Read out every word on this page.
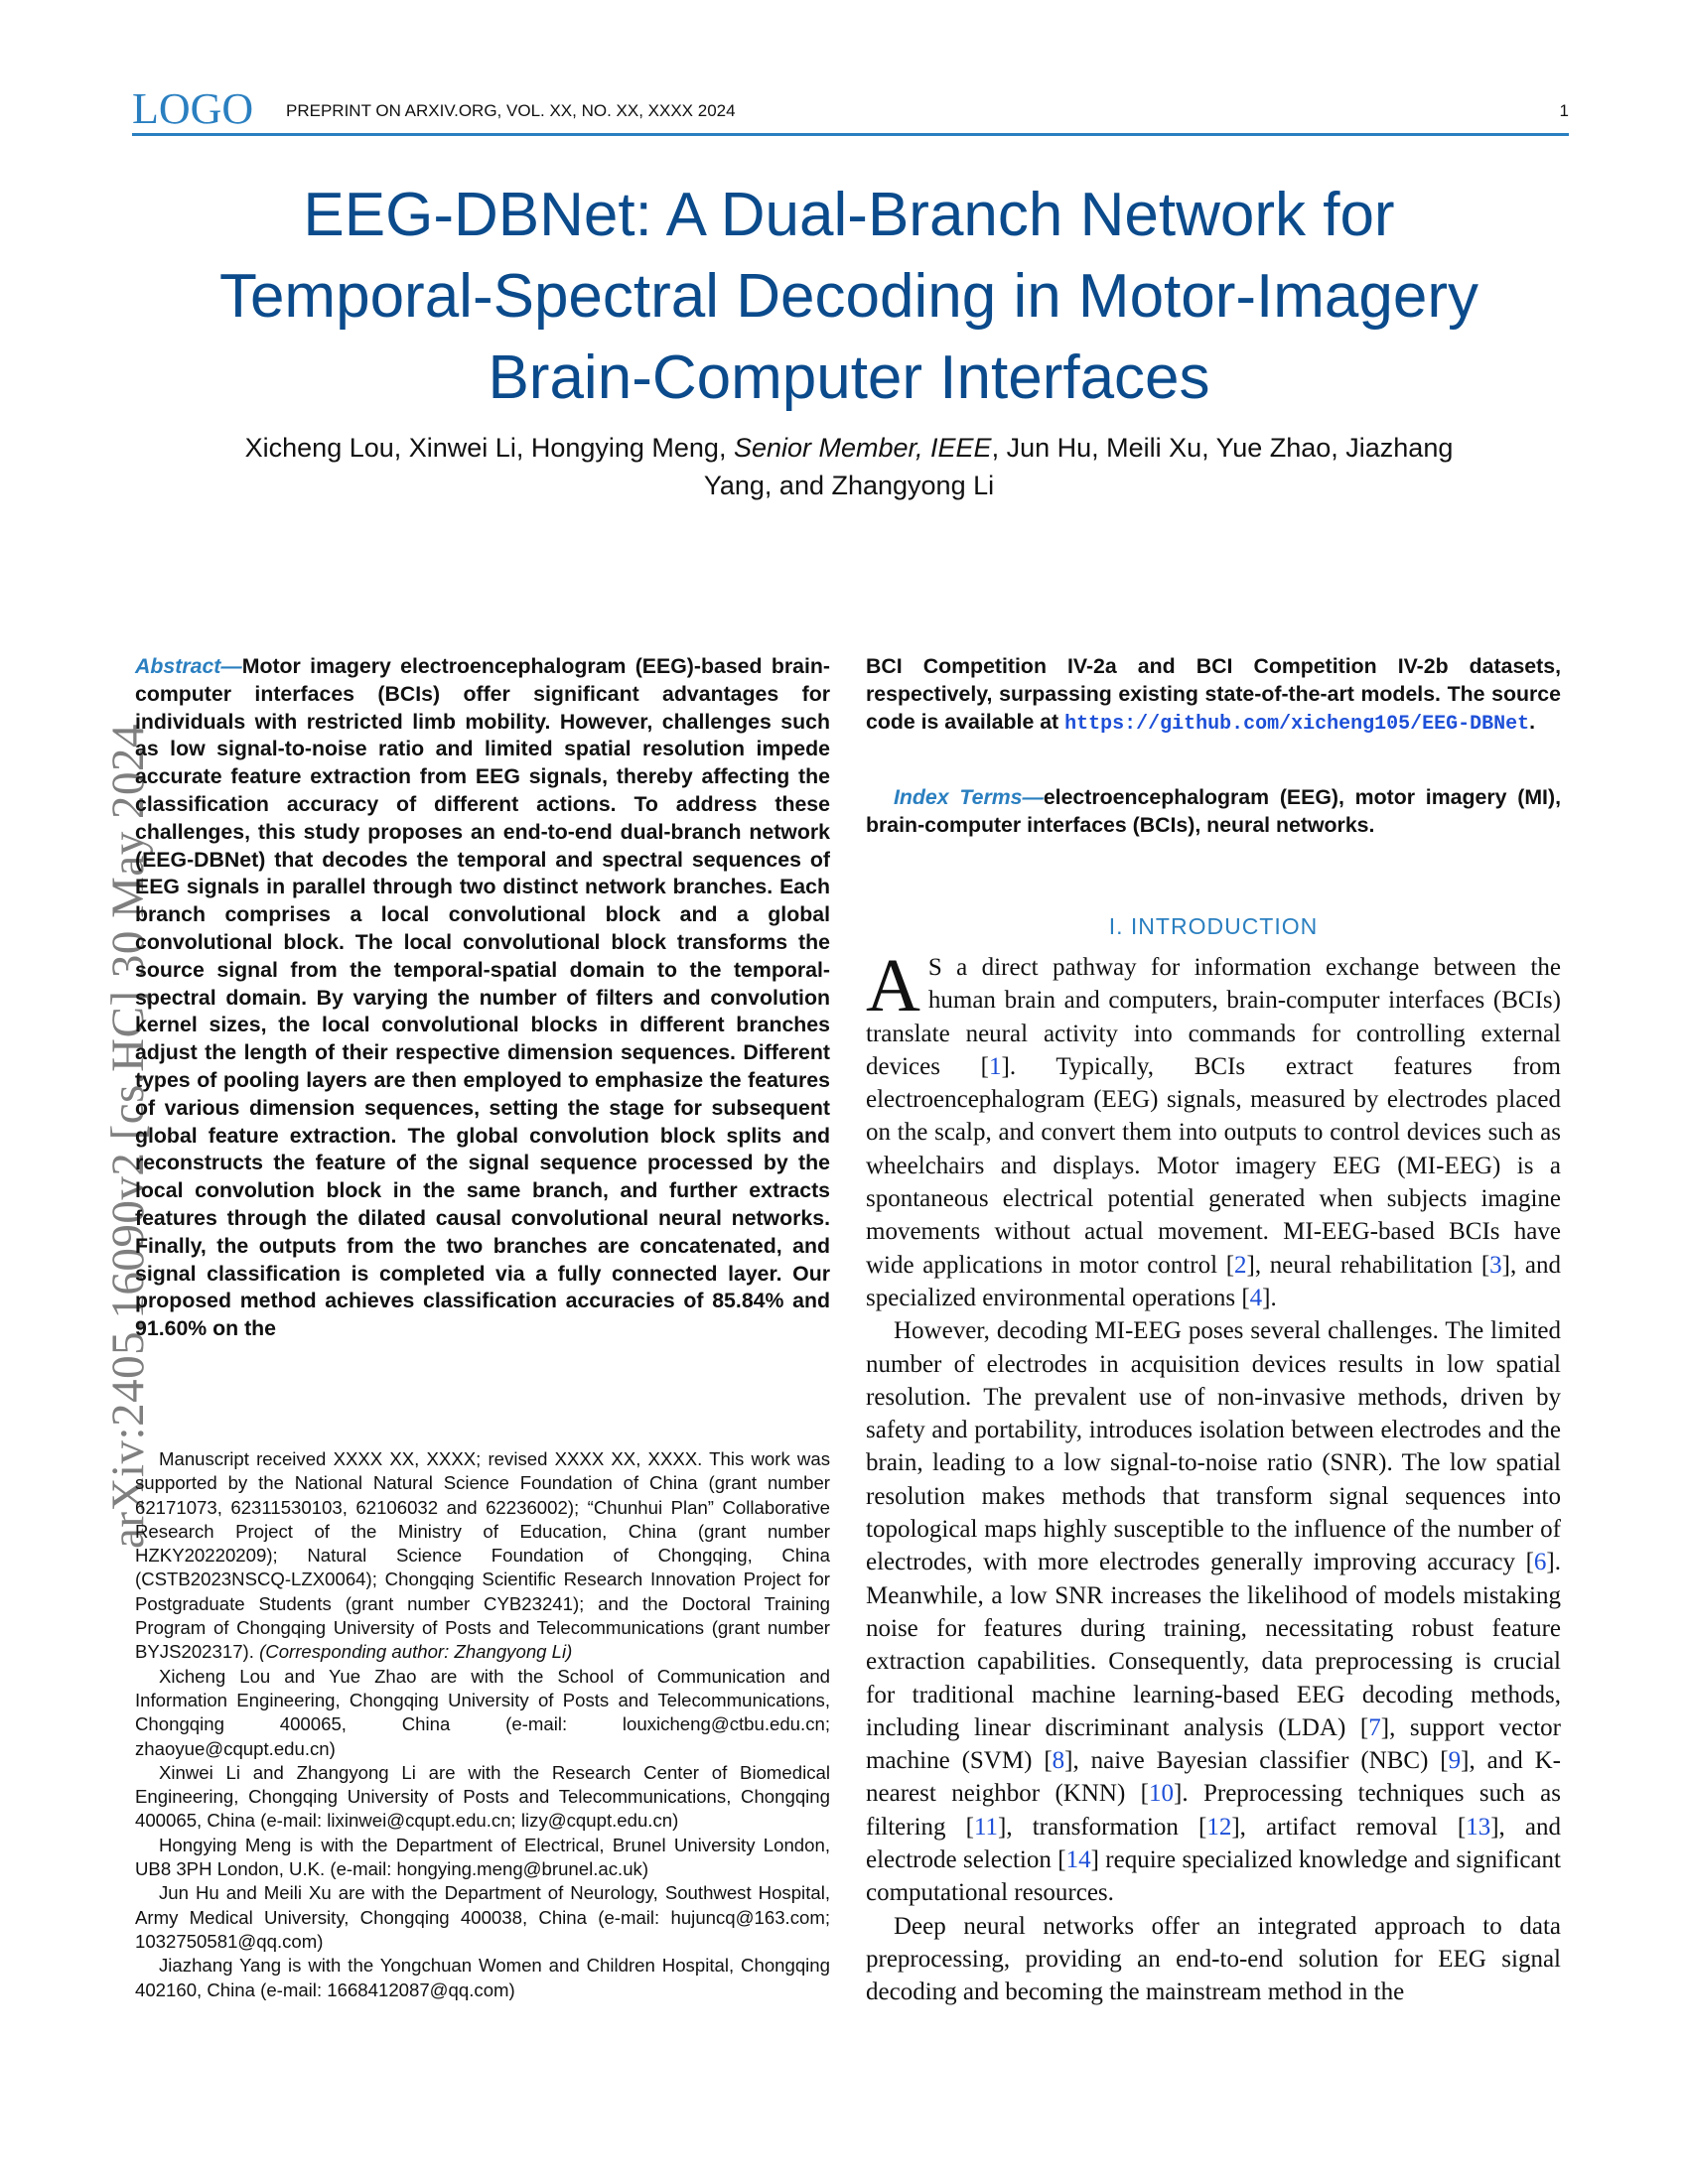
LOGO PREPRINT ON ARXIV.ORG, VOL. XX, NO. XX, XXXX 2024	1
EEG-DBNet: A Dual-Branch Network for
Temporal-Spectral Decoding in Motor-Imagery
Brain-Computer Interfaces
Xicheng Lou, Xinwei Li, Hongying Meng, Senior Member, IEEE, Jun Hu, Meili Xu, Yue Zhao, Jiazhang
Yang, and Zhangyong Li
arXiv:2405.16090v2 [cs.HC] 30 May 2024
Abstract—Motor imagery electroencephalogram (EEG)-based brain-computer interfaces (BCIs) offer significant advantages for individuals with restricted limb mobility. However, challenges such as low signal-to-noise ratio and limited spatial resolution impede accurate feature extraction from EEG signals, thereby affecting the classification accuracy of different actions. To address these challenges, this study proposes an end-to-end dual-branch network (EEG-DBNet) that decodes the temporal and spectral sequences of EEG signals in parallel through two distinct network branches. Each branch comprises a local convolutional block and a global convolutional block. The local convolutional block transforms the source signal from the temporal-spatial domain to the temporal-spectral domain. By varying the number of filters and convolution kernel sizes, the local convolutional blocks in different branches adjust the length of their respective dimension sequences. Different types of pooling layers are then employed to emphasize the features of various dimension sequences, setting the stage for subsequent global feature extraction. The global convolution block splits and reconstructs the feature of the signal sequence processed by the local convolution block in the same branch, and further extracts features through the dilated causal convolutional neural networks. Finally, the outputs from the two branches are concatenated, and signal classification is completed via a fully connected layer. Our proposed method achieves classification accuracies of 85.84% and 91.60% on the

Manuscript received XXXX XX, XXXX; revised XXXX XX, XXXX. This work was supported by the National Natural Science Foundation of China (grant number 62171073, 62311530103, 62106032 and 62236002); “Chunhui Plan” Collaborative Research Project of the Ministry of Education, China (grant number HZKY20220209); Natural Science Foundation of Chongqing, China (CSTB2023NSCQ-LZX0064); Chongqing Scientific Research Innovation Project for Postgraduate Students (grant number CYB23241); and the Doctoral Training Program of Chongqing University of Posts and Telecommunications (grant number BYJS202317). (Corresponding author: Zhangyong Li)

Xicheng Lou and Yue Zhao are with the School of Communication and Information Engineering, Chongqing University of Posts and Telecommunications, Chongqing 400065, China (e-mail: louxicheng@ctbu.edu.cn; zhaoyue@cqupt.edu.cn)

Xinwei Li and Zhangyong Li are with the Research Center of Biomedical Engineering, Chongqing University of Posts and Telecommunications, Chongqing 400065, China (e-mail: lixinwei@cqupt.edu.cn; lizy@cqupt.edu.cn)

Hongying Meng is with the Department of Electrical, Brunel University London, UB8 3PH London, U.K. (e-mail: hongying.meng@brunel.ac.uk)

Jun Hu and Meili Xu are with the Department of Neurology, Southwest Hospital, Army Medical University, Chongqing 400038, China (e-mail: hujuncq@163.com; 1032750581@qq.com)

Jiazhang Yang is with the Yongchuan Women and Children Hospital, Chongqing 402160, China (e-mail: 1668412087@qq.com)

BCI Competition IV-2a and BCI Competition IV-2b datasets, respectively, surpassing existing state-of-the-art models. The source code is available at https://github.com/xicheng105/EEG-DBNet.
Index Terms—electroencephalogram (EEG), motor imagery (MI), brain-computer interfaces (BCIs), neural networks.
I. INTRODUCTION

A S a direct pathway for information exchange between the human brain and computers, brain-computer interfaces (BCIs) translate neural activity into commands for controlling external devices [1]. Typically, BCIs extract features from electroencephalogram (EEG) signals, measured by electrodes placed on the scalp, and convert them into outputs to control devices such as wheelchairs and displays. Motor imagery EEG (MI-EEG) is a spontaneous electrical potential generated when subjects imagine movements without actual movement. MI-EEG-based BCIs have wide applications in motor control [2], neural rehabilitation [3], and specialized environmental operations [4].

However, decoding MI-EEG poses several challenges. The limited number of electrodes in acquisition devices results in low spatial resolution. The prevalent use of non-invasive methods, driven by safety and portability, introduces isolation between electrodes and the brain, leading to a low signal-to-noise ratio (SNR). The low spatial resolution makes methods that transform signal sequences into topological maps highly susceptible to the influence of the number of electrodes, with more electrodes generally improving accuracy [6]. Meanwhile, a low SNR increases the likelihood of models mistaking noise for features during training, necessitating robust feature extraction capabilities. Consequently, data preprocessing is crucial for traditional machine learning-based EEG decoding methods, including linear discriminant analysis (LDA) [7], support vector machine (SVM) [8], naive Bayesian classifier (NBC) [9], and K-nearest neighbor (KNN) [10]. Preprocessing techniques such as filtering [11], transformation [12], artifact removal [13], and electrode selection [14] require specialized knowledge and significant computational resources.

Deep neural networks offer an integrated approach to data preprocessing, providing an end-to-end solution for EEG signal decoding and becoming the mainstream method in the
